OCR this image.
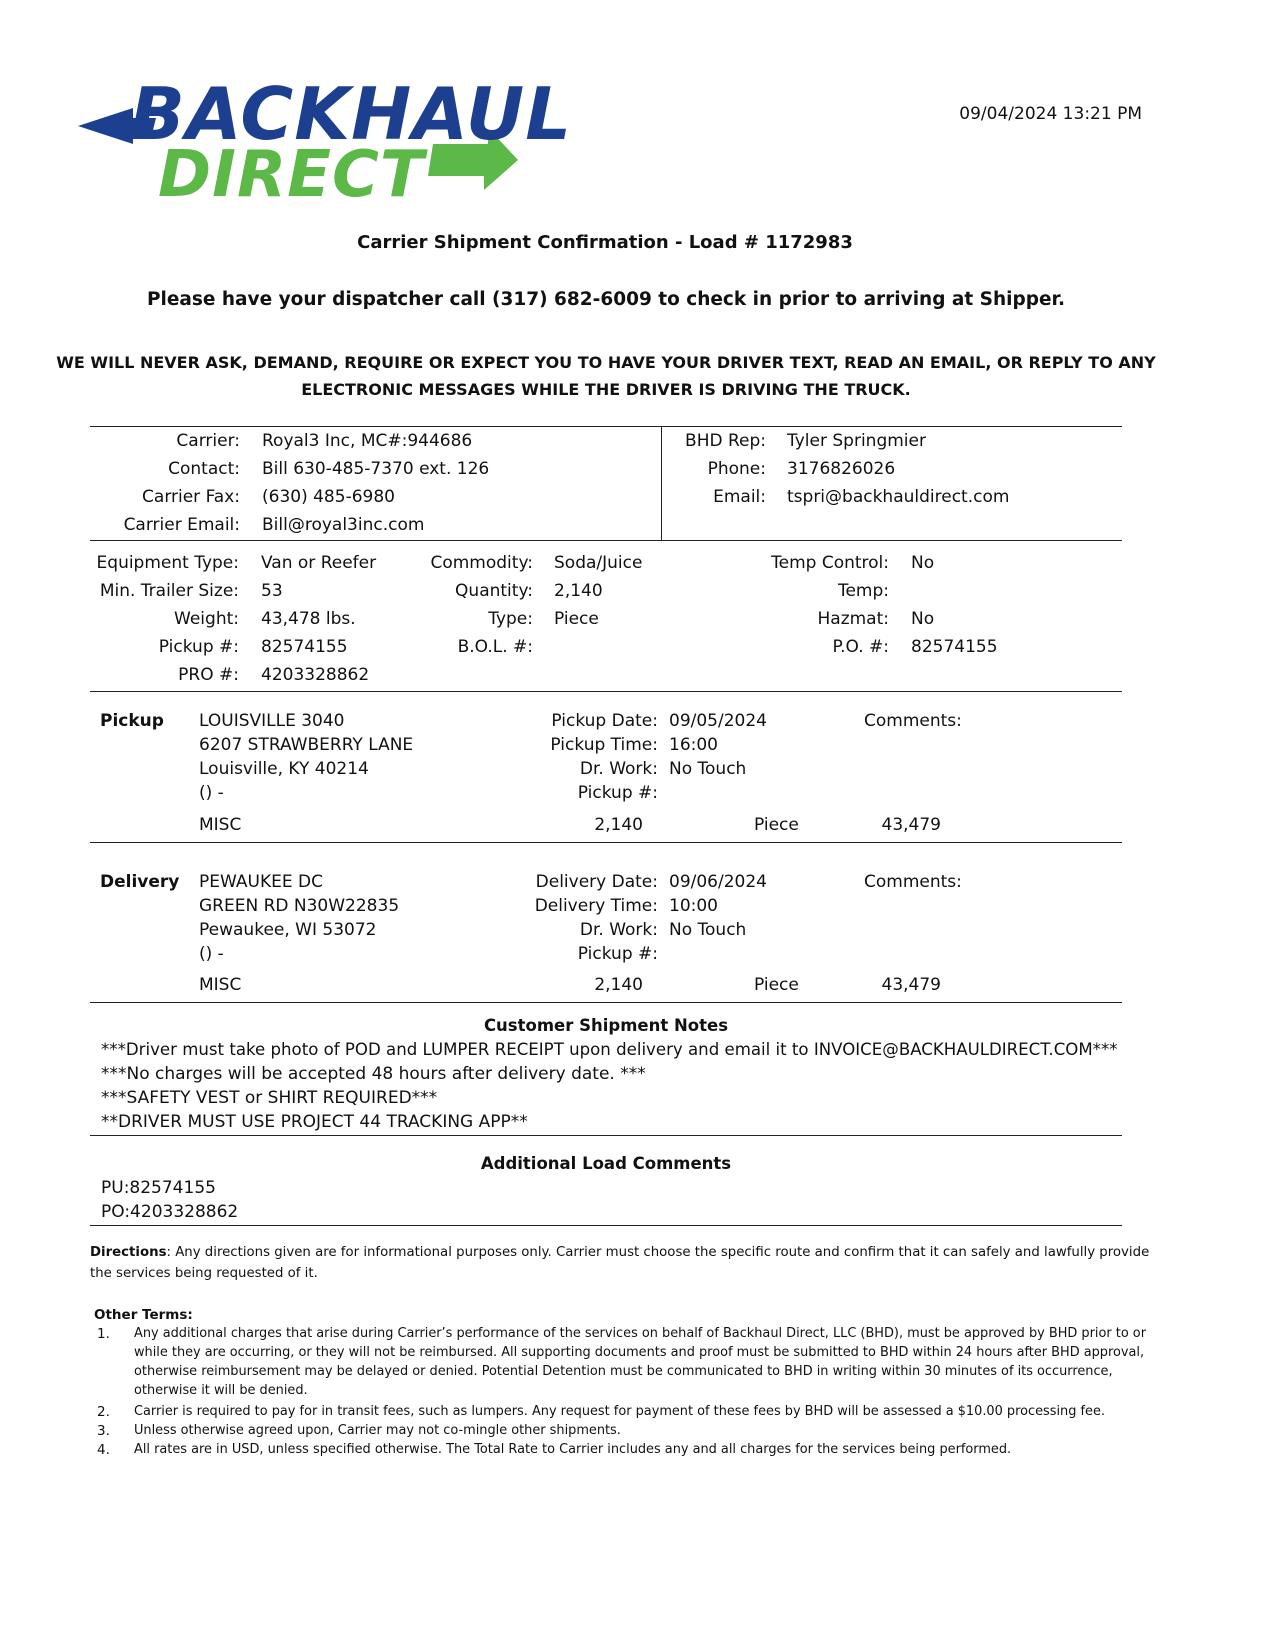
BACKHAUL
DIRECT
09/04/2024 13:21 PM
Carrier Shipment Confirmation - Load # 1172983
Please have your dispatcher call (317) 682-6009 to check in prior to arriving at Shipper.
WE WILL NEVER ASK, DEMAND, REQUIRE OR EXPECT YOU TO HAVE YOUR DRIVER TEXT, READ AN EMAIL, OR REPLY TO ANY
ELECTRONIC MESSAGES WHILE THE DRIVER IS DRIVING THE TRUCK.
Carrier: Royal3 Inc, MC#:944686
Contact: Bill 630-485-7370 ext. 126
Carrier Fax: (630) 485-6980
Carrier Email: Bill@royal3inc.com
BHD Rep: Tyler Springmier
Phone: 3176826026
Email: tspri@backhauldirect.com
Equipment Type: Van or Reefer
Min. Trailer Size: 53
Weight: 43,478 lbs.
Pickup #: 82574155
PRO #: 4203328862
Commodity: Soda/Juice
Quantity: 2,140
Type: Piece
B.O.L. #:
Temp Control: No
Temp:
Hazmat: No
P.O. #: 82574155
Pickup LOUISVILLE 3040
6207 STRAWBERRY LANE
Louisville, KY 40214
() -
Pickup Date: 09/05/2024
Pickup Time: 16:00
Dr. Work: No Touch
Pickup #:
Comments:
MISC	2,140	Piece	43,479
Delivery PEWAUKEE DC
GREEN RD N30W22835
Pewaukee, WI 53072
() -
Delivery Date: 09/06/2024
Delivery Time: 10:00
Dr. Work: No Touch
Pickup #:
Comments:
MISC	2,140	Piece	43,479
Customer Shipment Notes
***Driver must take photo of POD and LUMPER RECEIPT upon delivery and email it to INVOICE@BACKHAULDIRECT.COM***
***No charges will be accepted 48 hours after delivery date. ***
***SAFETY VEST or SHIRT REQUIRED***
**DRIVER MUST USE PROJECT 44 TRACKING APP**
Additional Load Comments
PU:82574155
PO:4203328862
Directions: Any directions given are for informational purposes only. Carrier must choose the specific route and confirm that it can safely and lawfully provide
the services being requested of it.
Other Terms:
1. Any additional charges that arise during Carrier’s performance of the services on behalf of Backhaul Direct, LLC (BHD), must be approved by BHD prior to or
while they are occurring, or they will not be reimbursed. All supporting documents and proof must be submitted to BHD within 24 hours after BHD approval,
otherwise reimbursement may be delayed or denied. Potential Detention must be communicated to BHD in writing within 30 minutes of its occurrence,
otherwise it will be denied.
2. Carrier is required to pay for in transit fees, such as lumpers. Any request for payment of these fees by BHD will be assessed a $10.00 processing fee.
3. Unless otherwise agreed upon, Carrier may not co-mingle other shipments.
4. All rates are in USD, unless specified otherwise. The Total Rate to Carrier includes any and all charges for the services being performed.
